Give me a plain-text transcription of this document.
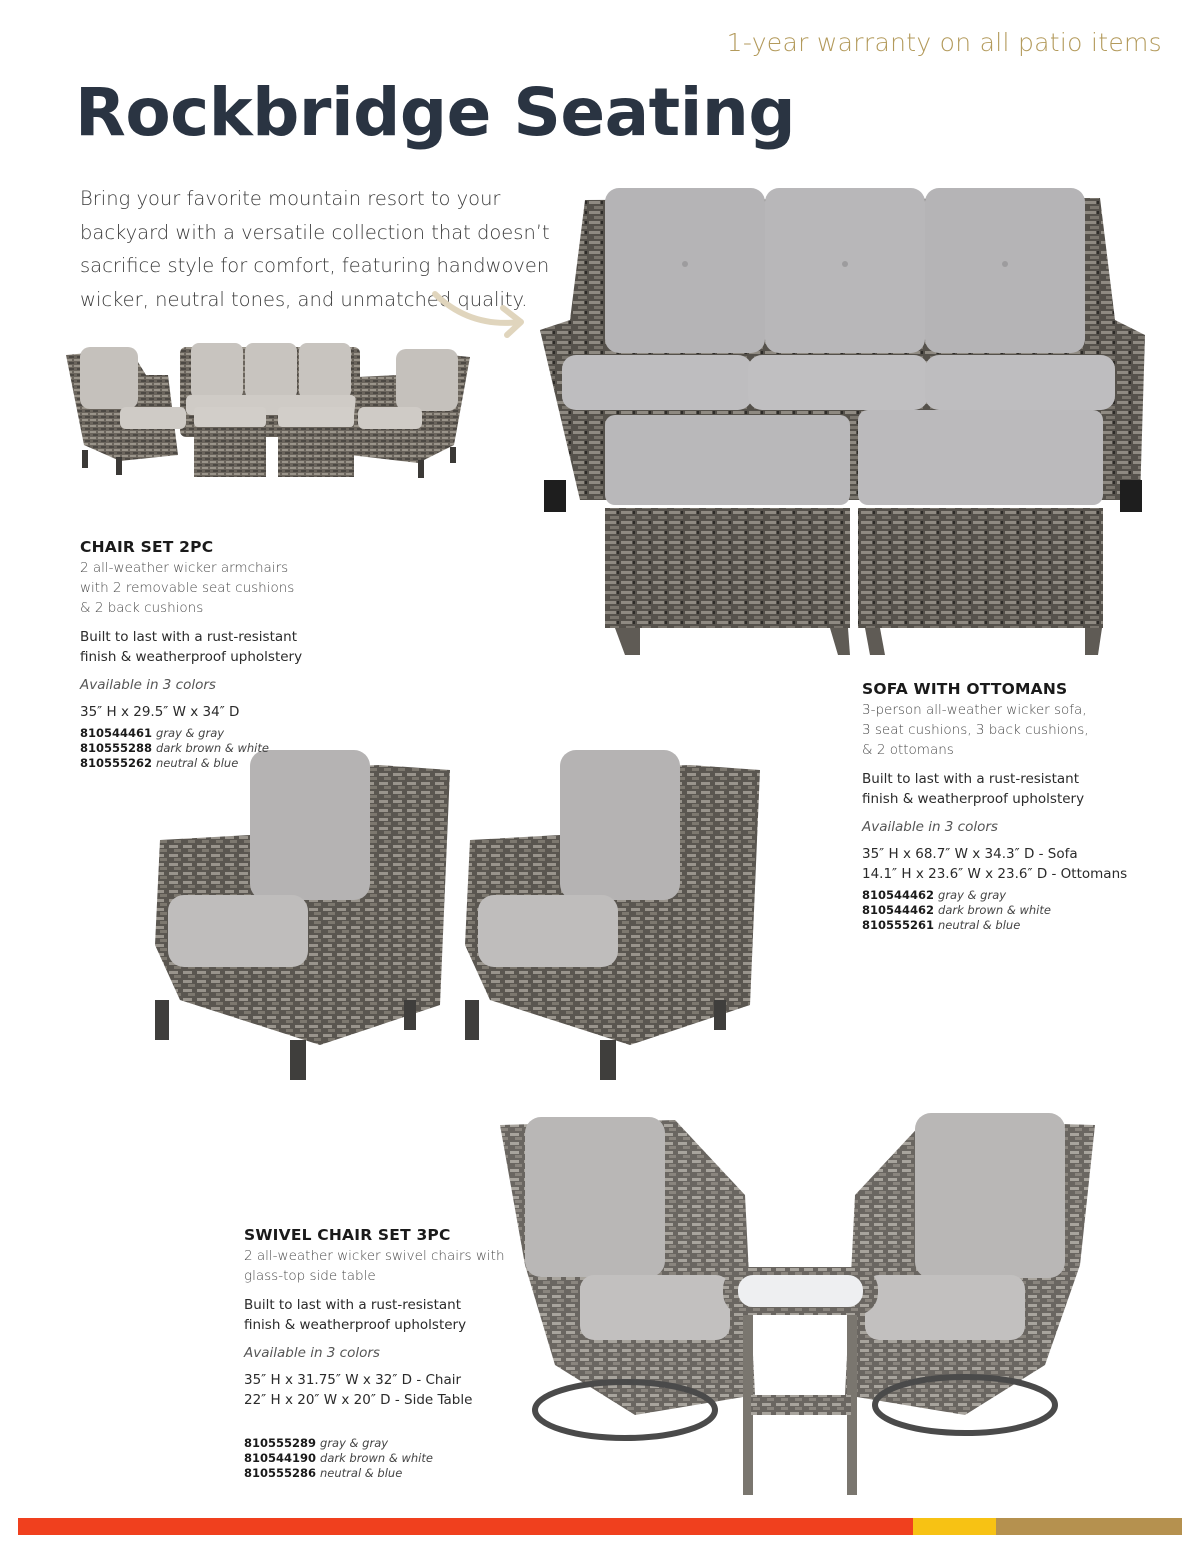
1-year warranty on all patio items
Rockbridge Seating

Bring your favorite mountain resort to your backyard with a versatile collection that doesn’t sacrifice style for comfort, featuring handwoven wicker, neutral tones, and unmatched quality.

CHAIR SET 2PC
2 all-weather wicker armchairs
with 2 removable seat cushions
& 2 back cushions
Built to last with a rust-resistant
finish & weatherproof upholstery
Available in 3 colors
35″ H x 29.5″ W x 34″ D
810544461 gray & gray
810555288 dark brown & white
810555262 neutral & blue
SOFA WITH OTTOMANS
3-person all-weather wicker sofa,
3 seat cushions, 3 back cushions,
& 2 ottomans
Built to last with a rust-resistant
finish & weatherproof upholstery
Available in 3 colors
35″ H x 68.7″ W x 34.3″ D - Sofa
14.1″ H x 23.6″ W x 23.6″ D - Ottomans
810544462 gray & gray
810544462 dark brown & white
810555261 neutral & blue
SWIVEL CHAIR SET 3PC
2 all-weather wicker swivel chairs with
glass-top side table
Built to last with a rust-resistant
finish & weatherproof upholstery
Available in 3 colors
35″ H x 31.75″ W x 32″ D - Chair
22″ H x 20″ W x 20″ D - Side Table
810555289 gray & gray
810544190 dark brown & white
810555286 neutral & blue
